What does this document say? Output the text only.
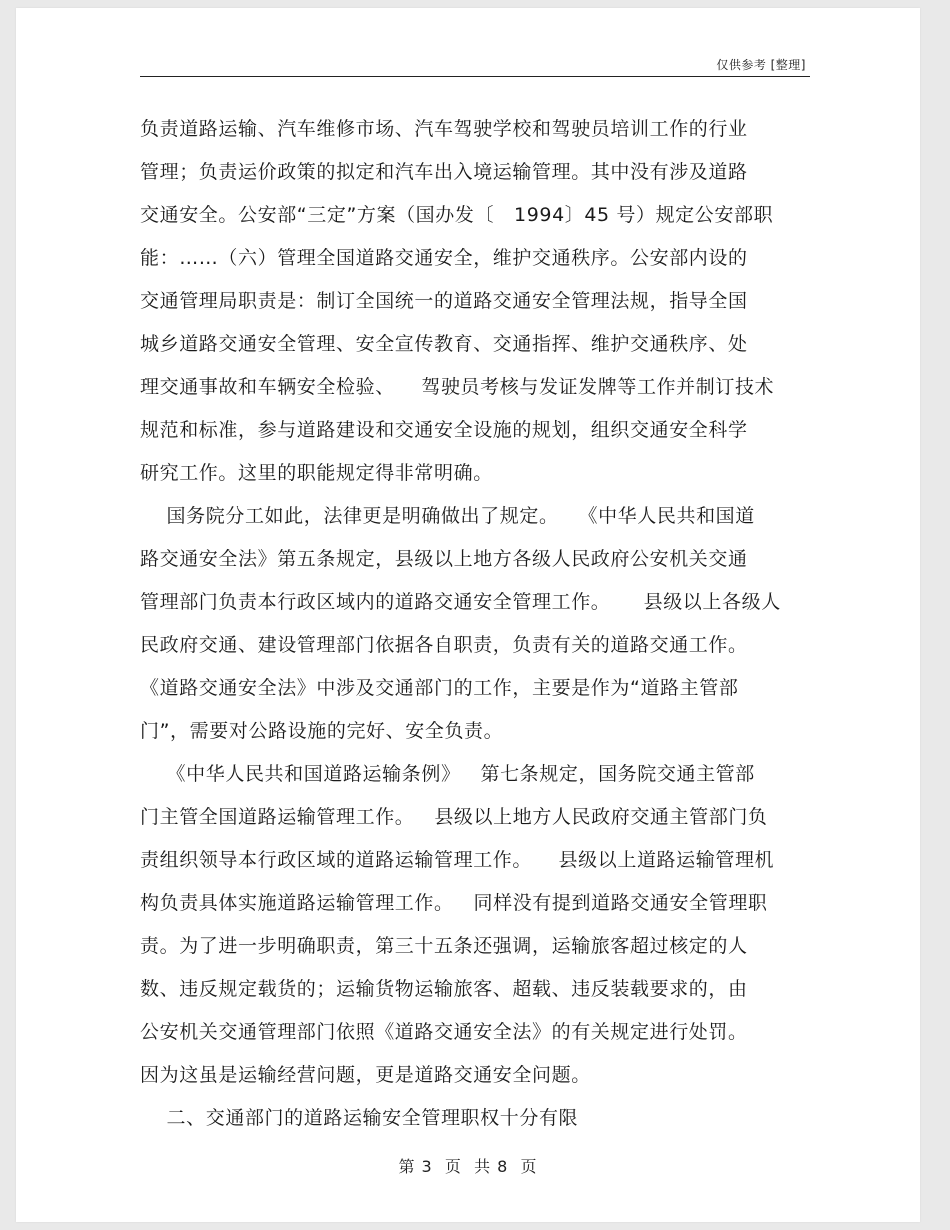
仅供参考 [整理]
负责道路运输、汽车维修市场、汽车驾驶学校和驾驶员培训工作的行业
管理；负责运价政策的拟定和汽车出入境运输管理。其中没有涉及道路
交通安全。公安部“三定”方案（国办发〔   1994〕45 号）规定公安部职
能：……（六）管理全国道路交通安全，维护交通秩序。公安部内设的
交通管理局职责是：制订全国统一的道路交通安全管理法规，指导全国
城乡道路交通安全管理、安全宣传教育、交通指挥、维护交通秩序、处
理交通事故和车辆安全检验、    驾驶员考核与发证发牌等工作并制订技术
规范和标准，参与道路建设和交通安全设施的规划，组织交通安全科学
研究工作。这里的职能规定得非常明确。
国务院分工如此，法律更是明确做出了规定。   《中华人民共和国道
路交通安全法》第五条规定，县级以上地方各级人民政府公安机关交通
管理部门负责本行政区域内的道路交通安全管理工作。     县级以上各级人
民政府交通、建设管理部门依据各自职责，负责有关的道路交通工作。
《道路交通安全法》中涉及交通部门的工作，主要是作为“道路主管部
门”，需要对公路设施的完好、安全负责。
《中华人民共和国道路运输条例》   第七条规定，国务院交通主管部
门主管全国道路运输管理工作。   县级以上地方人民政府交通主管部门负
责组织领导本行政区域的道路运输管理工作。    县级以上道路运输管理机
构负责具体实施道路运输管理工作。   同样没有提到道路交通安全管理职
责。为了进一步明确职责，第三十五条还强调，运输旅客超过核定的人
数、违反规定载货的；运输货物运输旅客、超载、违反装载要求的，由
公安机关交通管理部门依照《道路交通安全法》的有关规定进行处罚。
因为这虽是运输经营问题，更是道路交通安全问题。
二、交通部门的道路运输安全管理职权十分有限
第 3  页  共 8  页
